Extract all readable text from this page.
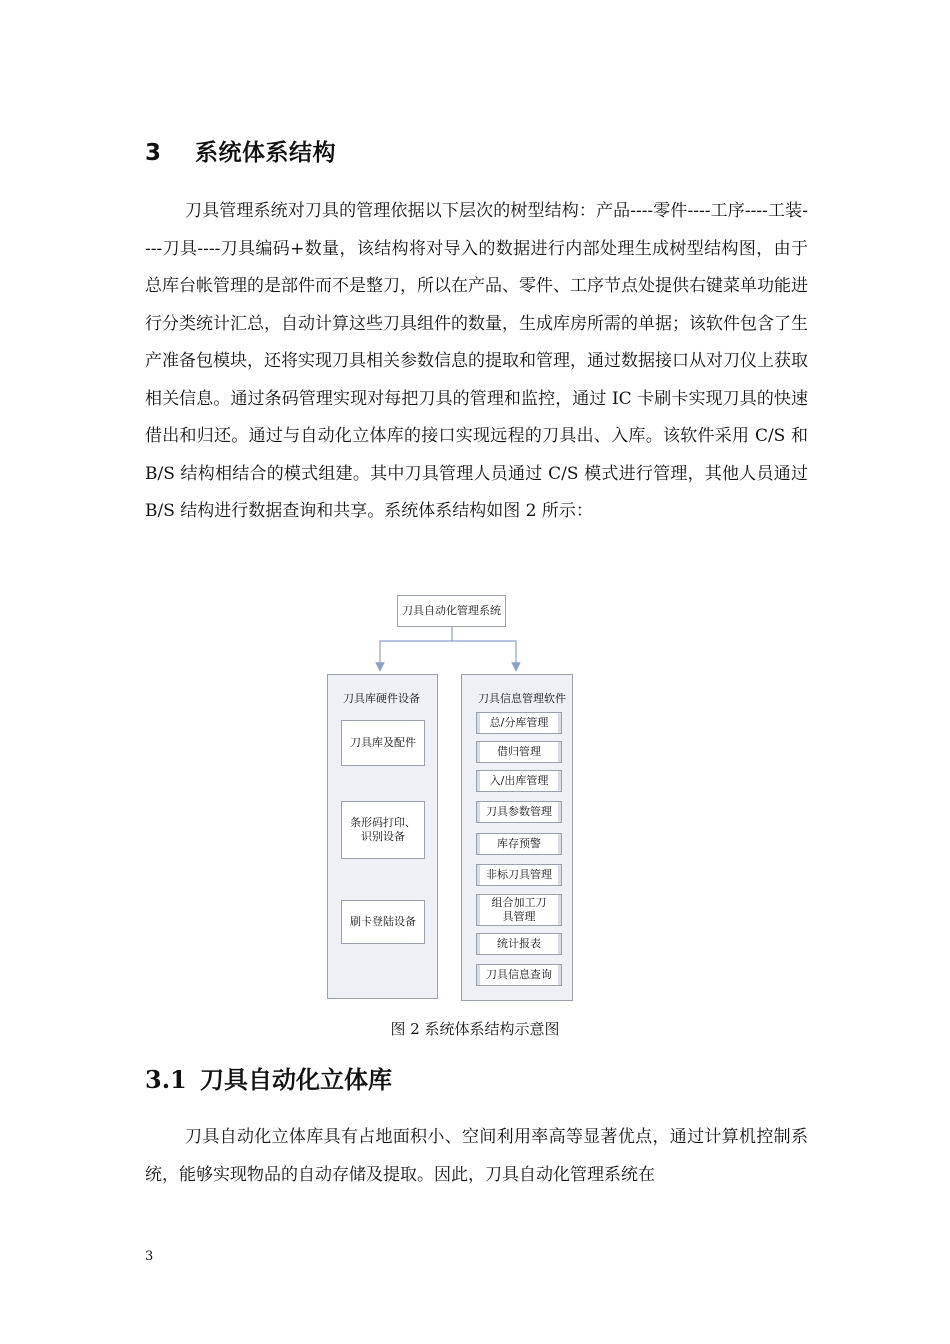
3 系统体系结构
刀具管理系统对刀具的管理依据以下层次的树型结构：产品----零件----工序----工装----刀具----刀具编码+数量，该结构将对导入的数据进行内部处理生成树型结构图，由于总库台帐管理的是部件而不是整刀，所以在产品、零件、工序节点处提供右键菜单功能进行分类统计汇总，自动计算这些刀具组件的数量，生成库房所需的单据；该软件包含了生产准备包模块，还将实现刀具相关参数信息的提取和管理，通过数据接口从对刀仪上获取相关信息。通过条码管理实现对每把刀具的管理和监控，通过 IC 卡刷卡实现刀具的快速借出和归还。通过与自动化立体库的接口实现远程的刀具出、入库。该软件采用 C/S 和 B/S 结构相结合的模式组建。其中刀具管理人员通过 C/S 模式进行管理，其他人员通过 B/S 结构进行数据查询和共享。系统体系结构如图 2 所示：
刀具自动化管理系统
刀具库硬件设备
刀具库及配件
条形码打印、识别设备
刷卡登陆设备
刀具信息管理软件
总/分库管理
借归管理
入/出库管理
刀具参数管理
库存预警
非标刀具管理
组合加工刀具管理
统计报表
刀具信息查询
图 2 系统体系结构示意图
3.1 刀具自动化立体库
刀具自动化立体库具有占地面积小、空间利用率高等显著优点，通过计算机控制系统，能够实现物品的自动存储及提取。因此，刀具自动化管理系统在
3
